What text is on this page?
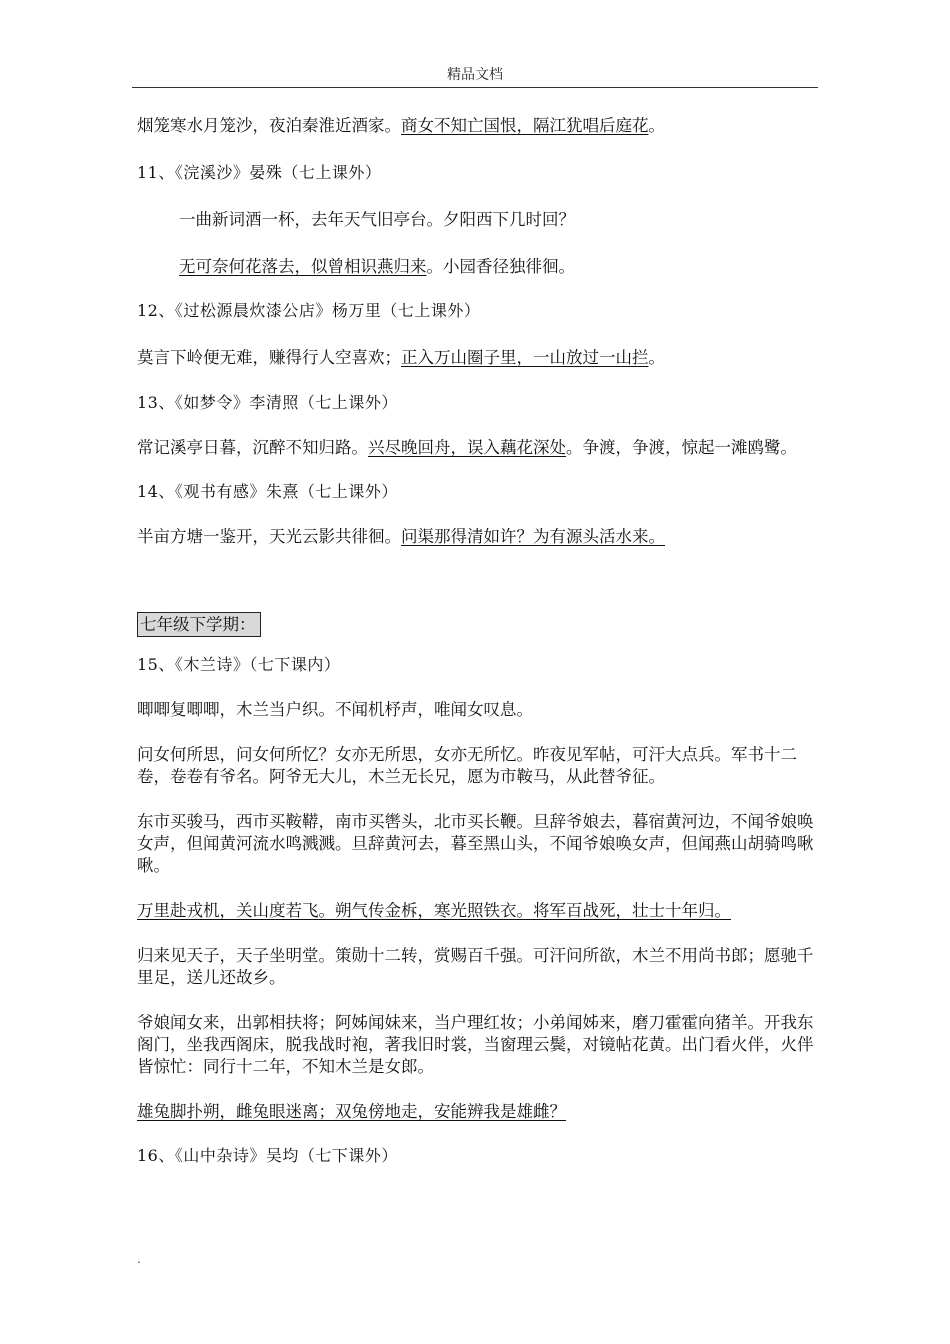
精品文档

烟笼寒水月笼沙，夜泊秦淮近酒家。商女不知亡国恨，隔江犹唱后庭花。

11、《浣溪沙》晏殊（七上课外）

一曲新词酒一杯，去年天气旧亭台。夕阳西下几时回？

无可奈何花落去，似曾相识燕归来。小园香径独徘徊。

12、《过松源晨炊漆公店》杨万里（七上课外）

莫言下岭便无难，赚得行人空喜欢；正入万山圈子里，一山放过一山拦。

13、《如梦令》李清照（七上课外）

常记溪亭日暮，沉醉不知归路。兴尽晚回舟，误入藕花深处。争渡，争渡，惊起一滩鸥鹭。

14、《观书有感》朱熹（七上课外）

半亩方塘一鉴开，天光云影共徘徊。问渠那得清如许？为有源头活水来。

七年级下学期：

15、《木兰诗》（七下课内）

唧唧复唧唧，木兰当户织。不闻机杼声，唯闻女叹息。

问女何所思，问女何所忆？女亦无所思，女亦无所忆。昨夜见军帖，可汗大点兵。军书十二卷，卷卷有爷名。阿爷无大儿，木兰无长兄，愿为市鞍马，从此替爷征。

东市买骏马，西市买鞍鞯，南市买辔头，北市买长鞭。旦辞爷娘去，暮宿黄河边，不闻爷娘唤女声，但闻黄河流水鸣溅溅。旦辞黄河去，暮至黑山头，不闻爷娘唤女声，但闻燕山胡骑鸣啾啾。

万里赴戎机，关山度若飞。朔气传金柝，寒光照铁衣。将军百战死，壮士十年归。

归来见天子，天子坐明堂。策勋十二转，赏赐百千强。可汗问所欲，木兰不用尚书郎；愿驰千里足，送儿还故乡。

爷娘闻女来，出郭相扶将；阿姊闻妹来，当户理红妆；小弟闻姊来，磨刀霍霍向猪羊。开我东阁门，坐我西阁床，脱我战时袍，著我旧时裳，当窗理云鬓，对镜帖花黄。出门看火伴，火伴皆惊忙：同行十二年，不知木兰是女郎。

雄兔脚扑朔，雌兔眼迷离；双兔傍地走，安能辨我是雄雌？

16、《山中杂诗》吴均（七下课外）

.
